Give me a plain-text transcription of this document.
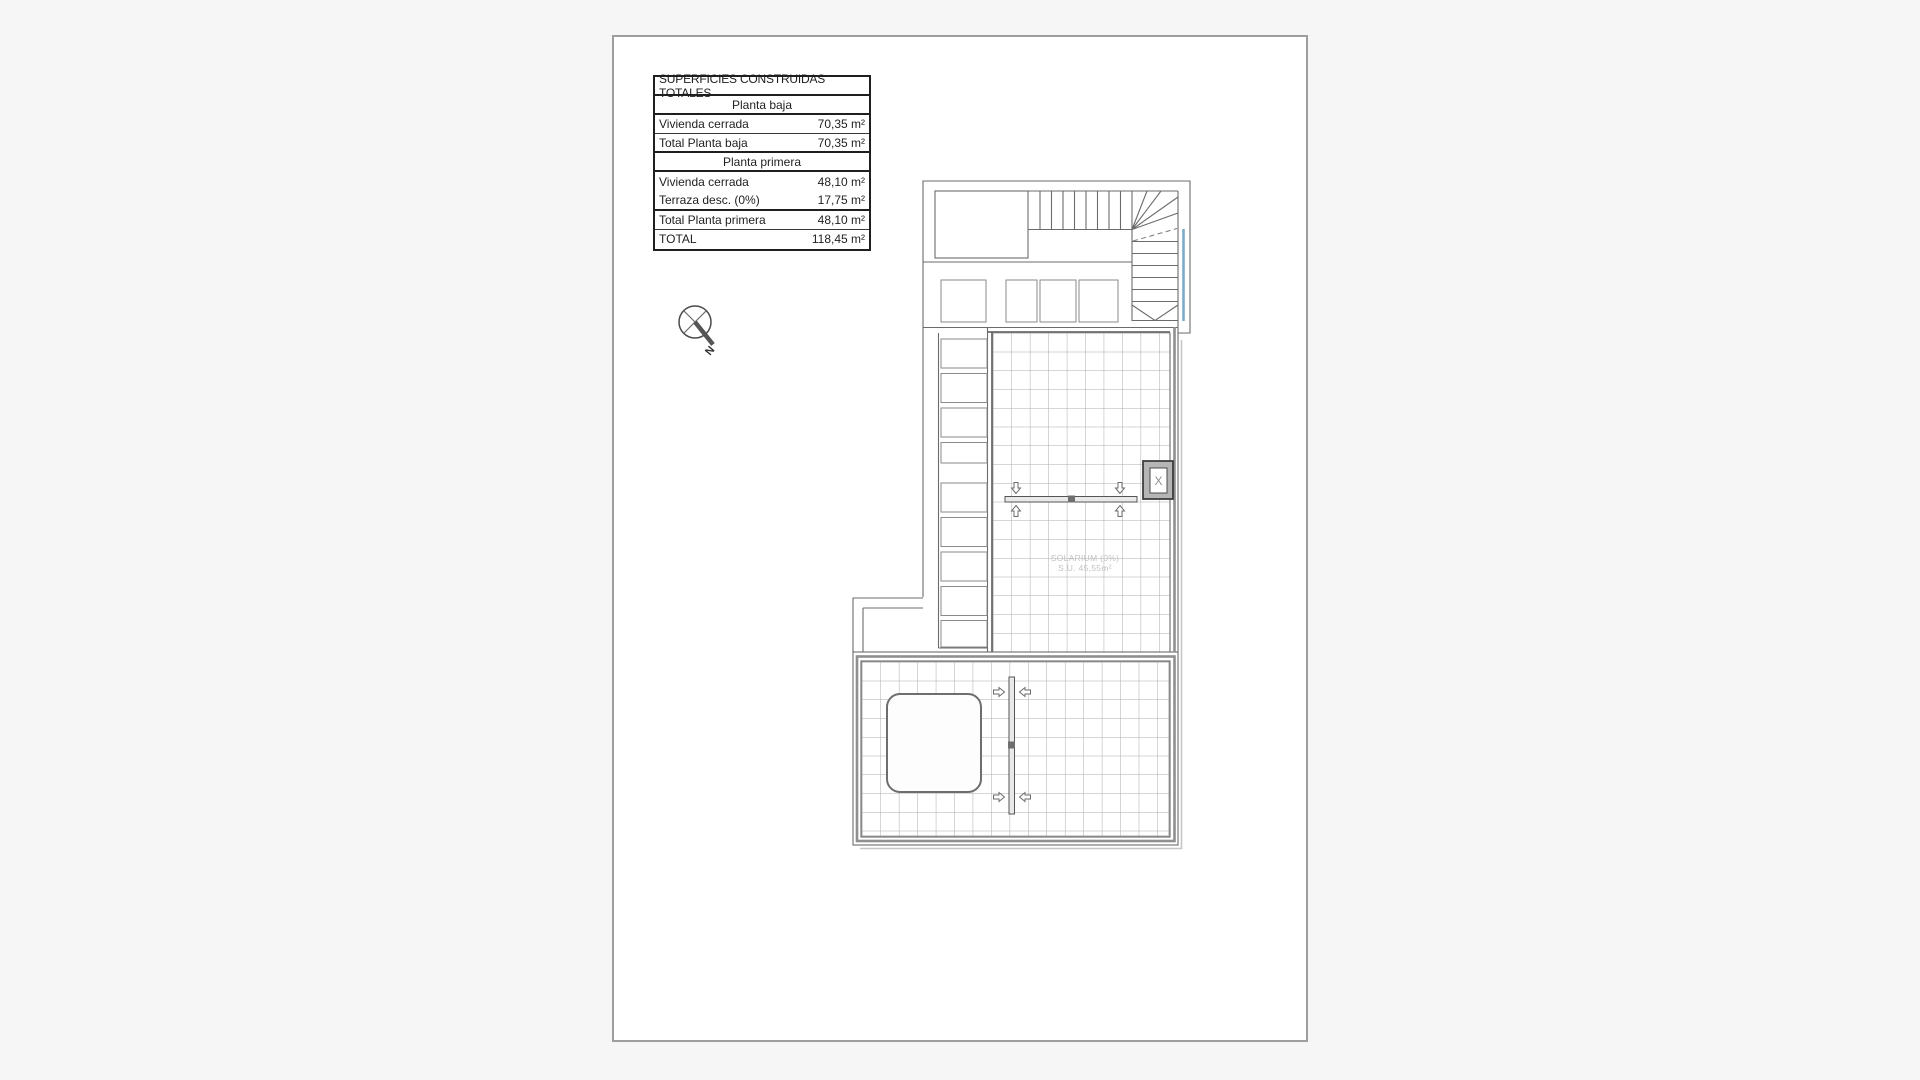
SUPERFICIES CONSTRUIDAS TOTALES
Planta baja
Vivienda cerrada	70,35 m²
Total Planta baja	70,35 m²
Planta primera
Vivienda cerrada	48,10 m²
Terraza desc. (0%)	17,75 m²
Total Planta primera	48,10 m²
TOTAL	118,45 m²
X
SOLARIUM (0%)
S.U. 45,55m²
N
